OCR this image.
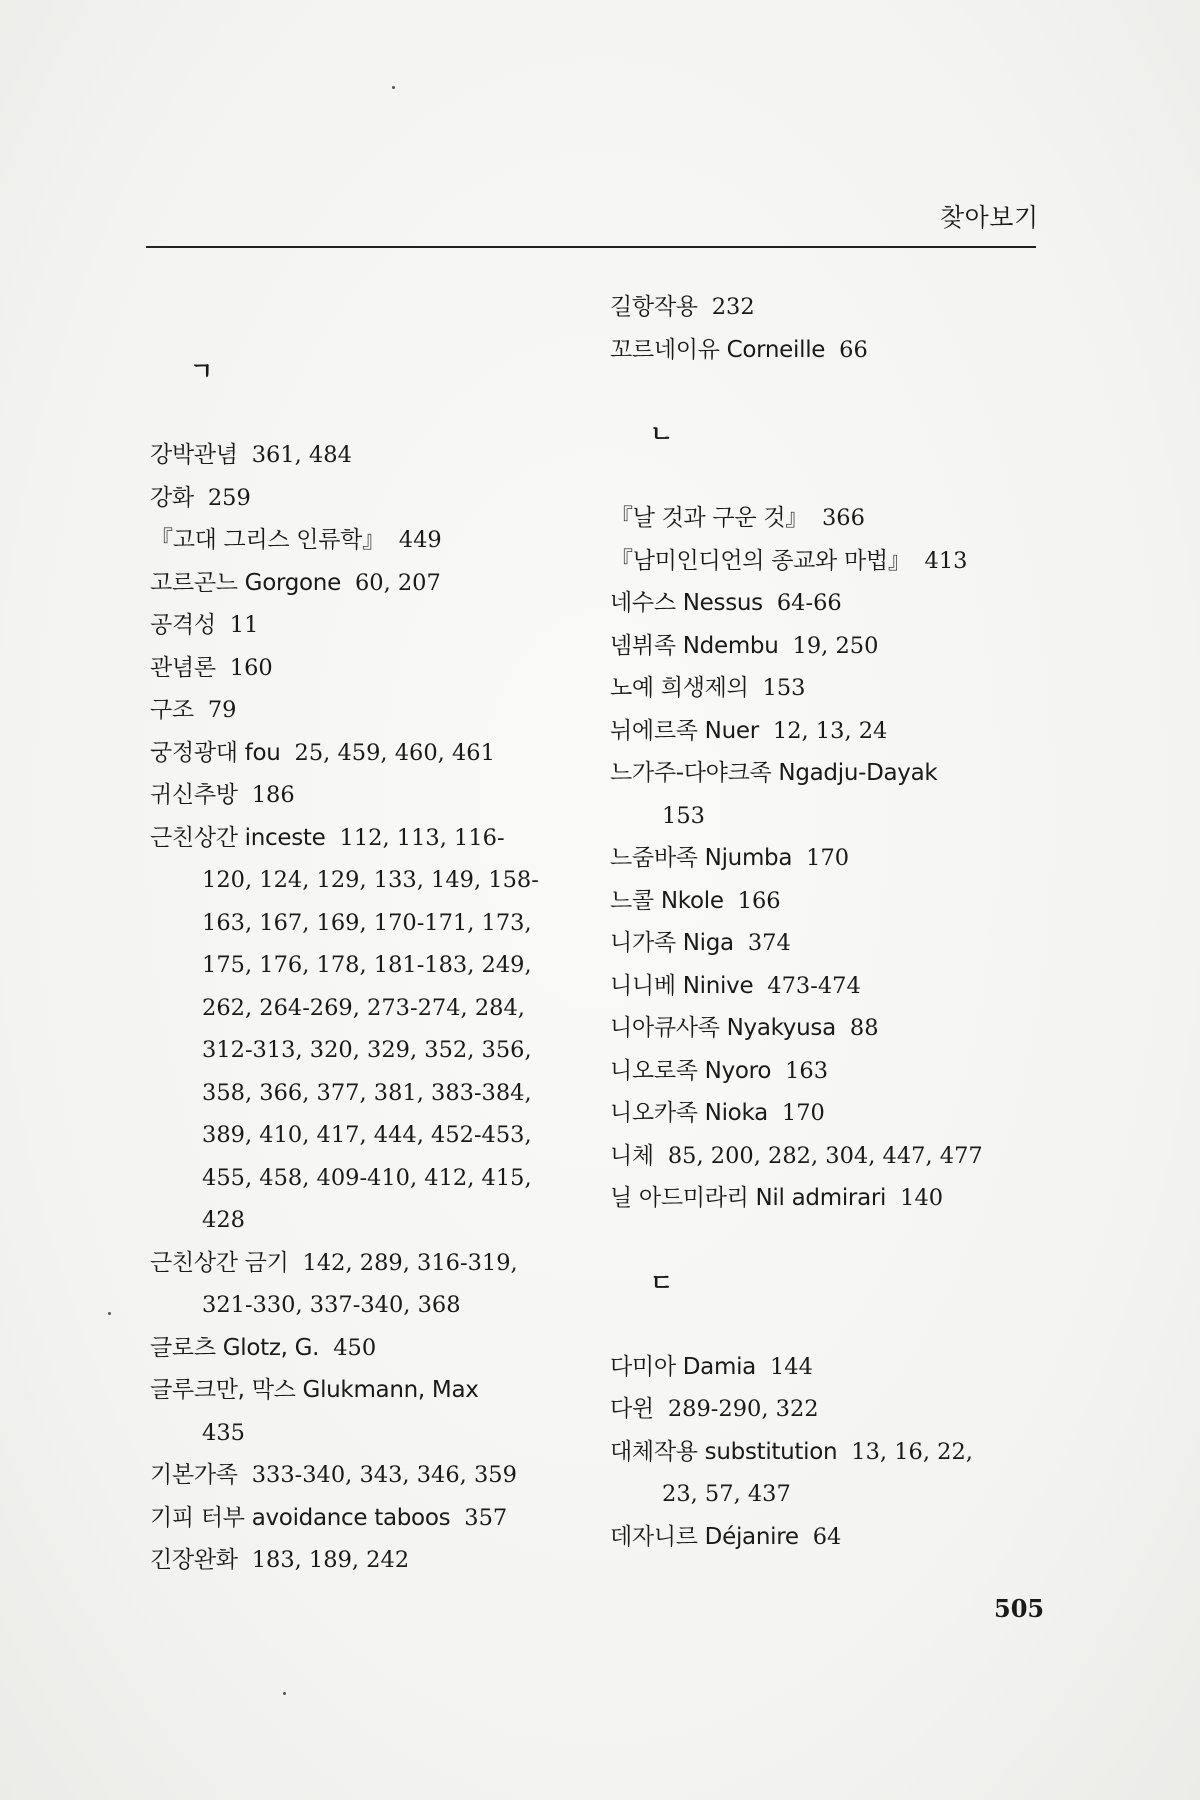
찾아보기
ㄱ
강박관념 361, 484
강화 259
『고대 그리스 인류학』 449
고르곤느 Gorgone 60, 207
공격성 11
관념론 160
구조 79
궁정광대 fou 25, 459, 460, 461
귀신추방 186
근친상간 inceste 112, 113, 116-
120, 124, 129, 133, 149, 158-
163, 167, 169, 170-171, 173,
175, 176, 178, 181-183, 249,
262, 264-269, 273-274, 284,
312-313, 320, 329, 352, 356,
358, 366, 377, 381, 383-384,
389, 410, 417, 444, 452-453,
455, 458, 409-410, 412, 415,
428
근친상간 금기 142, 289, 316-319,
321-330, 337-340, 368
글로츠 Glotz, G. 450
글루크만, 막스 Glukmann, Max
435
기본가족 333-340, 343, 346, 359
기피 터부 avoidance taboos 357
긴장완화 183, 189, 242
길항작용 232
꼬르네이유 Corneille 66
ㄴ
『날 것과 구운 것』 366
『남미인디언의 종교와 마법』 413
네수스 Nessus 64-66
넴뷔족 Ndembu 19, 250
노예 희생제의 153
뉘에르족 Nuer 12, 13, 24
느가주-다야크족 Ngadju-Dayak
153
느줌바족 Njumba 170
느콜 Nkole 166
니가족 Niga 374
니니베 Ninive 473-474
니아큐사족 Nyakyusa 88
니오로족 Nyoro 163
니오카족 Nioka 170
니체 85, 200, 282, 304, 447, 477
닐 아드미라리 Nil admirari 140
ㄷ
다미아 Damia 144
다윈 289-290, 322
대체작용 substitution 13, 16, 22,
23, 57, 437
데자니르 Déjanire 64
505
